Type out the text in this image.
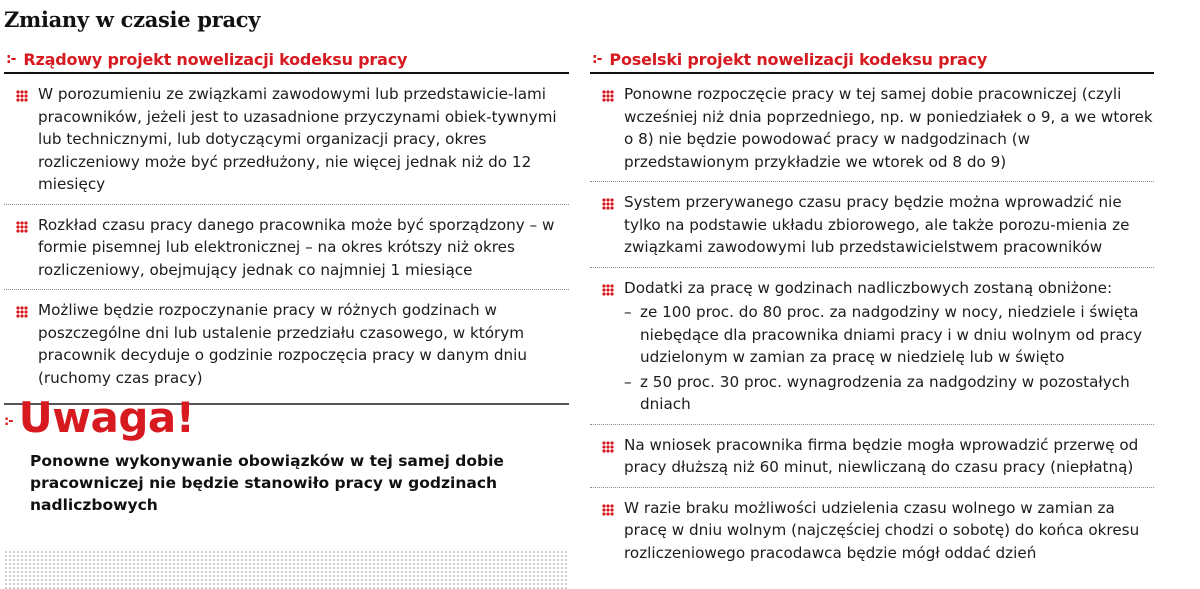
Zmiany w czasie pracy
:- Rządowy projekt nowelizacji kodeksu pracy
W porozumieniu ze związkami zawodowymi lub przedstawicie-lami pracowników, jeżeli jest to uzasadnione przyczynami obiek-tywnymi lub technicznymi, lub dotyczącymi organizacji pracy, okres rozliczeniowy może być przedłużony, nie więcej jednak niż do 12 miesięcy
Rozkład czasu pracy danego pracownika może być sporządzony – w formie pisemnej lub elektronicznej – na okres krótszy niż okres rozliczeniowy, obejmujący jednak co najmniej 1 miesiące
Możliwe będzie rozpoczynanie pracy w różnych godzinach w poszczególne dni lub ustalenie przedziału czasowego, w którym pracownik decyduje o godzinie rozpoczęcia pracy w danym dniu (ruchomy czas pracy)
:- Uwaga!
Ponowne wykonywanie obowiązków w tej samej dobie pracowniczej nie będzie stanowiło pracy w godzinach nadliczbowych
:- Poselski projekt nowelizacji kodeksu pracy
Ponowne rozpoczęcie pracy w tej samej dobie pracowniczej (czyli wcześniej niż dnia poprzedniego, np. w poniedziałek o 9, a we wtorek o 8) nie będzie powodować pracy w nadgodzinach (w przedstawionym przykładzie we wtorek od 8 do 9)
System przerywanego czasu pracy będzie można wprowadzić nie tylko na podstawie układu zbiorowego, ale także porozu-mienia ze związkami zawodowymi lub przedstawicielstwem pracowników
Dodatki za pracę w godzinach nadliczbowych zostaną obniżone:
– ze 100 proc. do 80 proc. za nadgodziny w nocy, niedziele i święta niebędące dla pracownika dniami pracy i w dniu wolnym od pracy udzielonym w zamian za pracę w niedzielę lub w święto
– z 50 proc. 30 proc. wynagrodzenia za nadgodziny w pozostałych dniach
Na wniosek pracownika firma będzie mogła wprowadzić przerwę od pracy dłuższą niż 60 minut, niewliczaną do czasu pracy (niepłatną)
W razie braku możliwości udzielenia czasu wolnego w zamian za pracę w dniu wolnym (najczęściej chodzi o sobotę) do końca okresu rozliczeniowego pracodawca będzie mógł oddać dzień
